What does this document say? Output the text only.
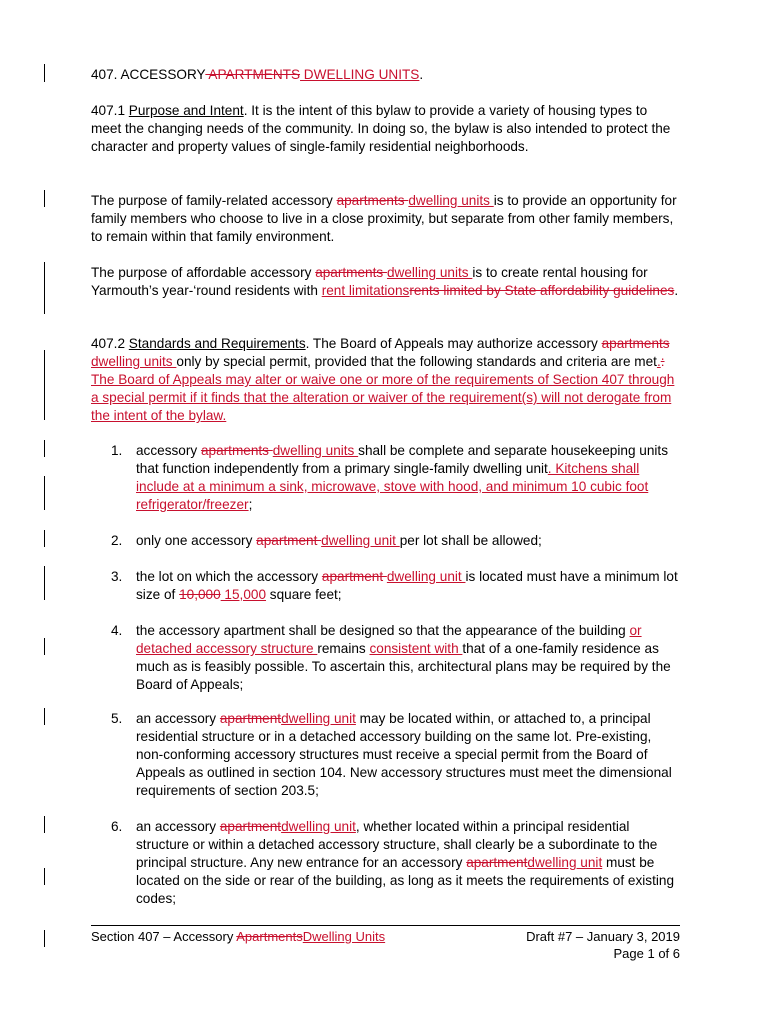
407. ACCESSORY APARTMENTS DWELLING UNITS.

407.1 Purpose and Intent. It is the intent of this bylaw to provide a variety of housing types to meet the changing needs of the community. In doing so, the bylaw is also intended to protect the character and property values of single-family residential neighborhoods.

The purpose of family-related accessory apartments dwelling units is to provide an opportunity for family members who choose to live in a close proximity, but separate from other family members, to remain within that family environment.

The purpose of affordable accessory apartments dwelling units is to create rental housing for Yarmouth’s year-‘round residents with rent limitationsrents limited by State affordability guidelines.

407.2 Standards and Requirements. The Board of Appeals may authorize accessory apartments dwelling units only by special permit, provided that the following standards and criteria are met.: The Board of Appeals may alter or waive one or more of the requirements of Section 407 through a special permit if it finds that the alteration or waiver of the requirement(s) will not derogate from the intent of the bylaw.

1.	accessory apartments dwelling units shall be complete and separate housekeeping units that function independently from a primary single-family dwelling unit. Kitchens shall include at a minimum a sink, microwave, stove with hood, and minimum 10 cubic foot refrigerator/freezer;
2.	only one accessory apartment dwelling unit per lot shall be allowed;
3.	the lot on which the accessory apartment dwelling unit is located must have a minimum lot size of 10,000 15,000 square feet;
4.	the accessory apartment shall be designed so that the appearance of the building or detached accessory structure remains consistent with that of a one-family residence as much as is feasibly possible. To ascertain this, architectural plans may be required by the Board of Appeals;
5.	an accessory apartmentdwelling unit may be located within, or attached to, a principal residential structure or in a detached accessory building on the same lot. Pre-existing, non-conforming accessory structures must receive a special permit from the Board of Appeals as outlined in section 104. New accessory structures must meet the dimensional requirements of section 203.5;
6.	an accessory apartmentdwelling unit, whether located within a principal residential structure or within a detached accessory structure, shall clearly be a subordinate to the principal structure. Any new entrance for an accessory apartmentdwelling unit must be located on the side or rear of the building, as long as it meets the requirements of existing codes;
Section 407 – Accessory ApartmentsDwelling Units	Draft #7 – January 3, 2019
Page 1 of 6
